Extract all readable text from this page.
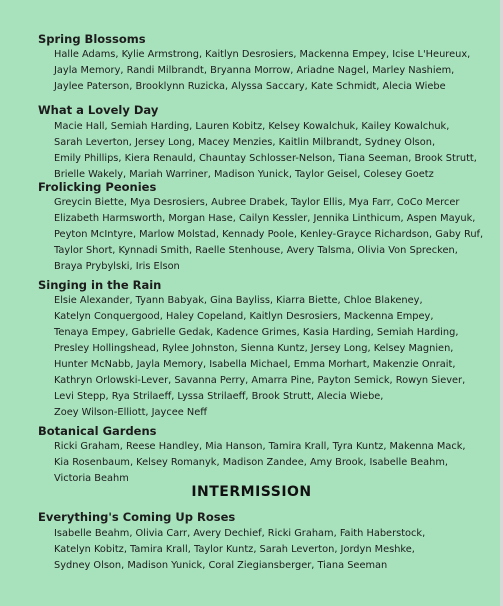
Spring Blossoms
Halle Adams, Kylie Armstrong, Kaitlyn Desrosiers, Mackenna Empey, Icise L'Heureux,
Jayla Memory, Randi Milbrandt, Bryanna Morrow, Ariadne Nagel, Marley Nashiem,
Jaylee Paterson, Brooklynn Ruzicka, Alyssa Saccary, Kate Schmidt, Alecia Wiebe
What a Lovely Day
Macie Hall, Semiah Harding, Lauren Kobitz, Kelsey Kowalchuk, Kailey Kowalchuk,
Sarah Leverton, Jersey Long, Macey Menzies, Kaitlin Milbrandt, Sydney Olson,
Emily Phillips, Kiera Renauld, Chauntay Schlosser-Nelson, Tiana Seeman, Brook Strutt,
Brielle Wakely, Mariah Warriner, Madison Yunick, Taylor Geisel, Colesey Goetz
Frolicking Peonies
Greycin Biette, Mya Desrosiers, Aubree Drabek, Taylor Ellis, Mya Farr, CoCo Mercer
Elizabeth Harmsworth, Morgan Hase, Cailyn Kessler, Jennika Linthicum, Aspen Mayuk,
Peyton McIntyre, Marlow Molstad, Kennady Poole, Kenley-Grayce Richardson, Gaby Ruf,
Taylor Short, Kynnadi Smith, Raelle Stenhouse, Avery Talsma, Olivia Von Sprecken,
Braya Prybylski, Iris Elson
Singing in the Rain
Elsie Alexander, Tyann Babyak, Gina Bayliss, Kiarra Biette, Chloe Blakeney,
Katelyn Conquergood, Haley Copeland, Kaitlyn Desrosiers, Mackenna Empey,
Tenaya Empey, Gabrielle Gedak, Kadence Grimes, Kasia Harding, Semiah Harding,
Presley Hollingshead, Rylee Johnston, Sienna Kuntz, Jersey Long, Kelsey Magnien,
Hunter McNabb, Jayla Memory, Isabella Michael, Emma Morhart, Makenzie Onrait,
Kathryn Orlowski-Lever, Savanna Perry, Amarra Pine, Payton Semick, Rowyn Siever,
Levi Stepp, Rya Strilaeff, Lyssa Strilaeff, Brook Strutt, Alecia Wiebe,
Zoey Wilson-Elliott, Jaycee Neff
Botanical Gardens
Ricki Graham, Reese Handley, Mia Hanson, Tamira Krall, Tyra Kuntz, Makenna Mack,
Kia Rosenbaum, Kelsey Romanyk, Madison Zandee, Amy Brook, Isabelle Beahm,
Victoria Beahm
INTERMISSION
Everything's Coming Up Roses
Isabelle Beahm, Olivia Carr, Avery Dechief, Ricki Graham, Faith Haberstock,
Katelyn Kobitz, Tamira Krall, Taylor Kuntz, Sarah Leverton, Jordyn Meshke,
Sydney Olson, Madison Yunick, Coral Ziegiansberger, Tiana Seeman
